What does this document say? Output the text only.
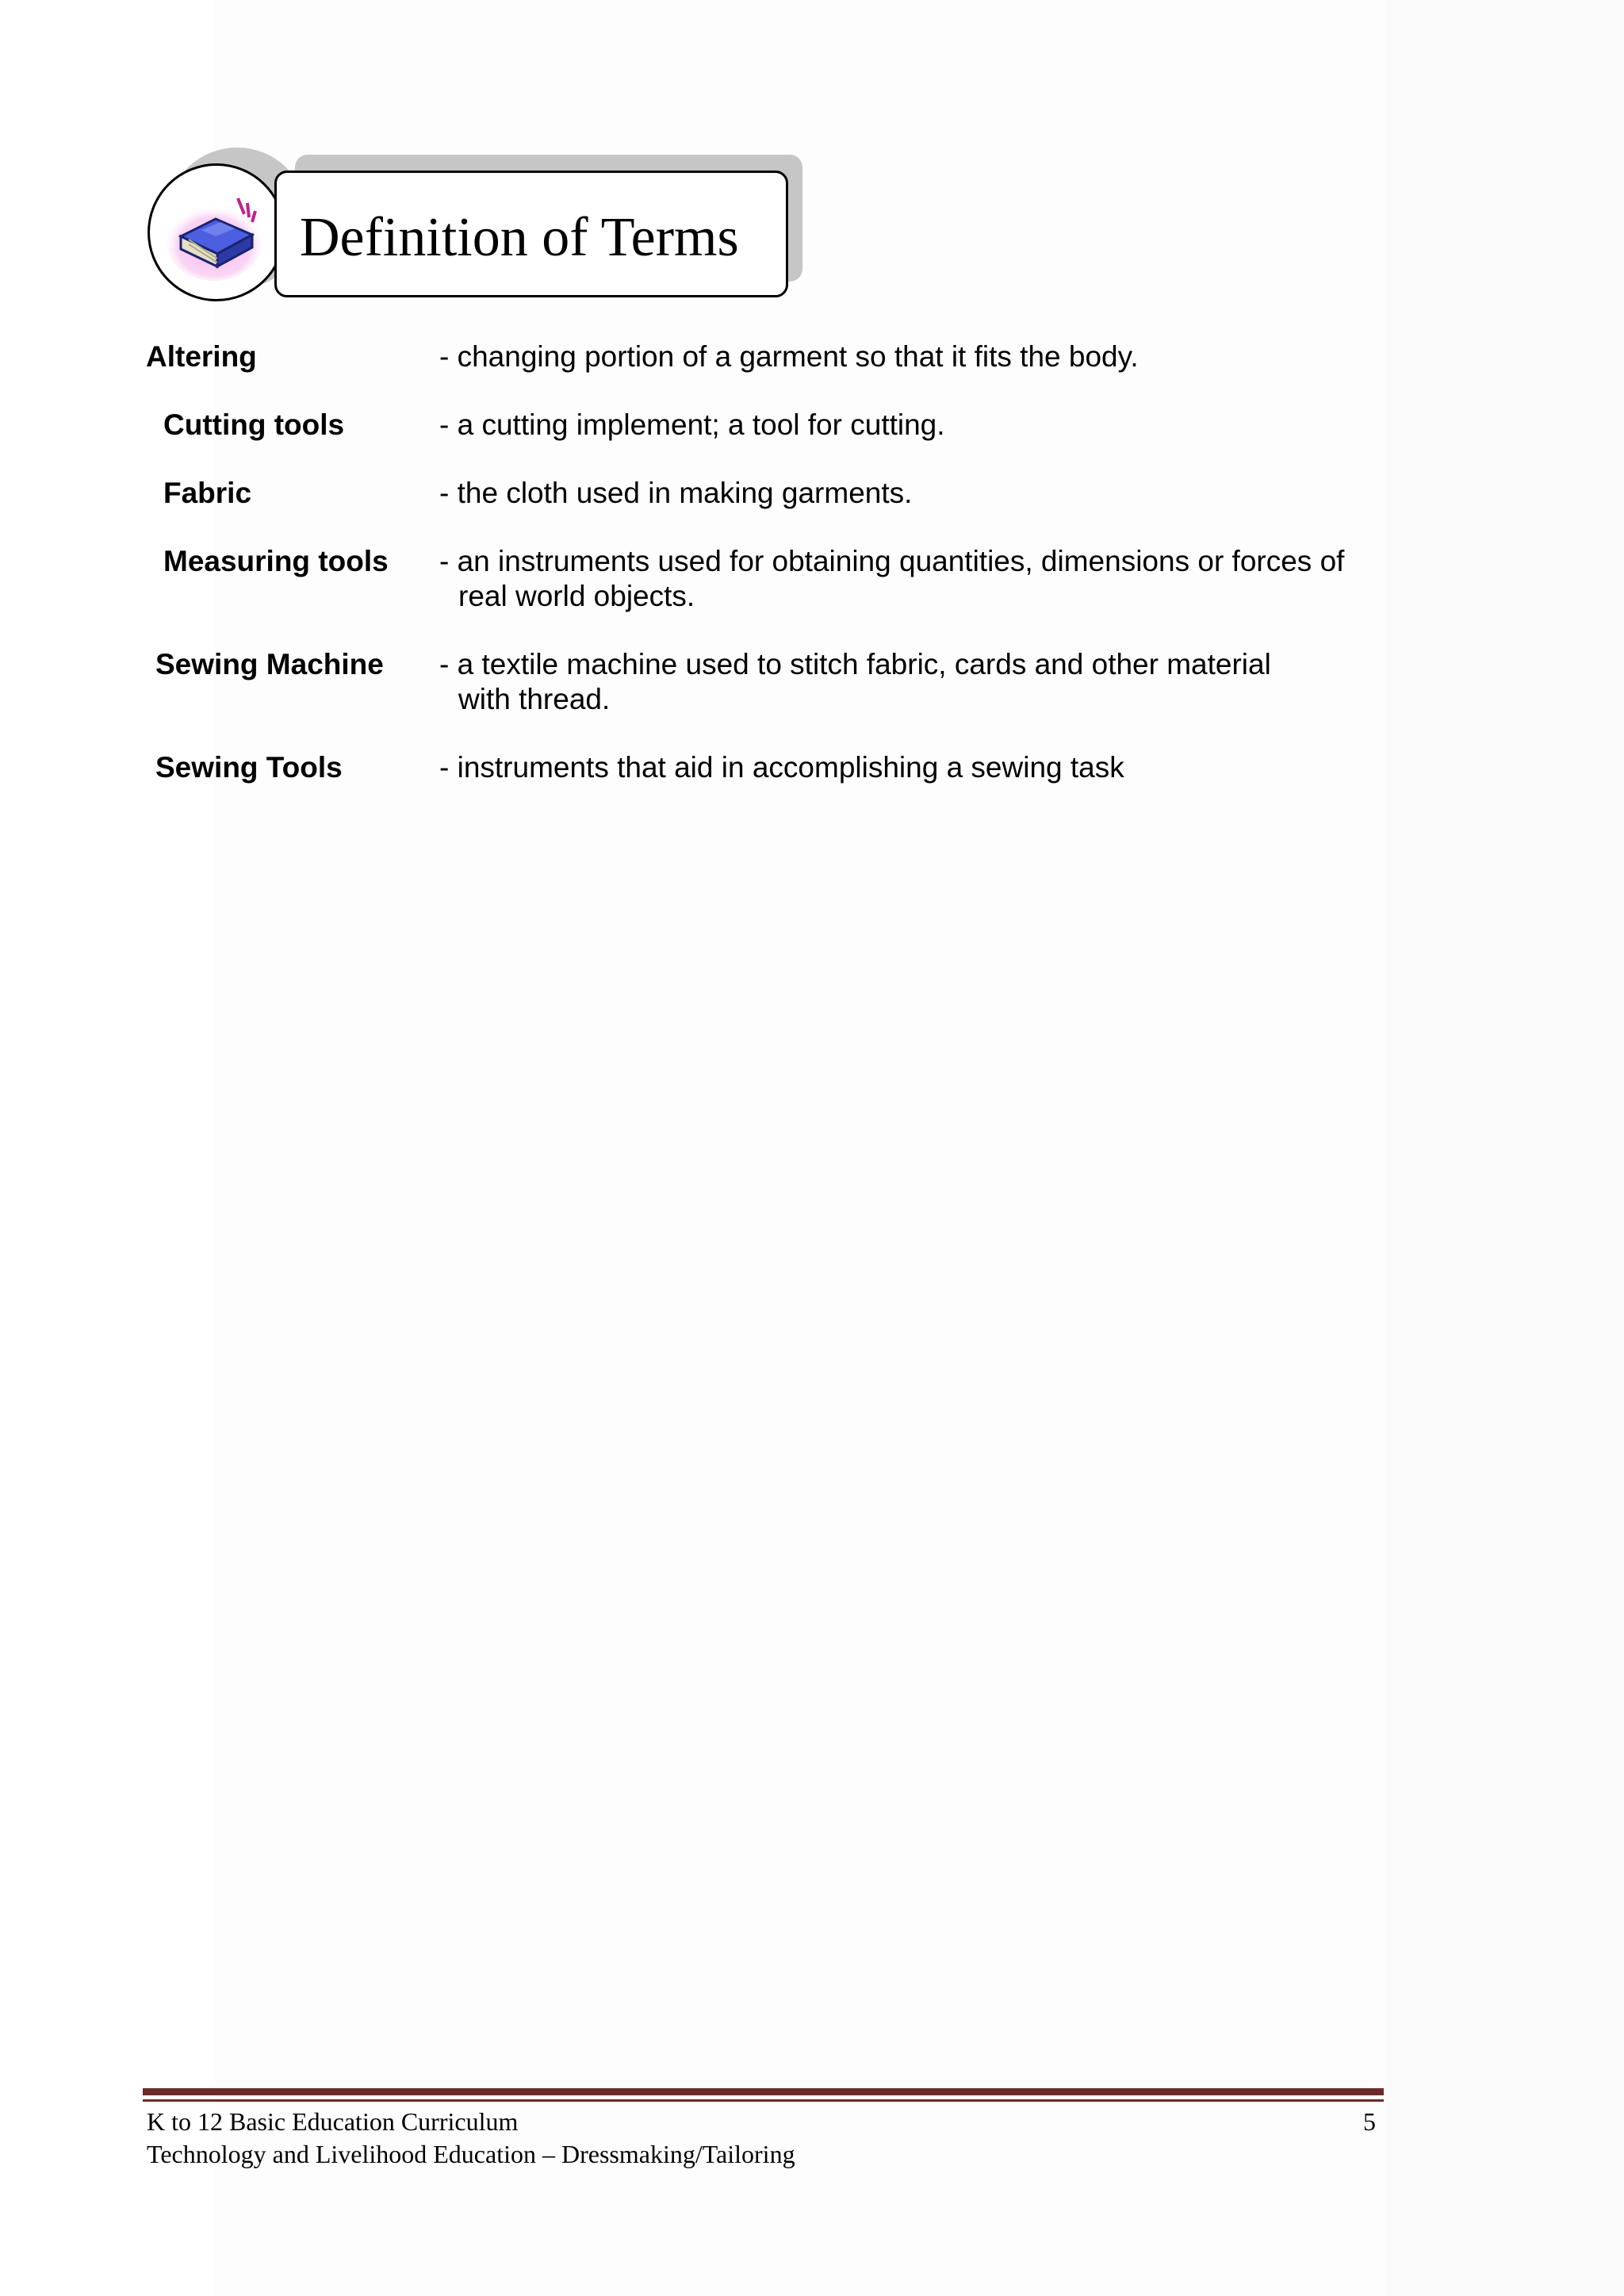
Definition of Terms
Altering	- changing portion of a garment so that it fits the body.
Cutting tools	- a cutting implement; a tool for cutting.
Fabric	- the cloth used in making garments.
Measuring tools - an instruments used for obtaining quantities, dimensions or forces of
real world objects.
Sewing Machine - a textile machine used to stitch fabric, cards and other material
with thread.
Sewing Tools	- instruments that aid in accomplishing a sewing task
K to 12 Basic Education Curriculum
Technology and Livelihood Education – Dressmaking/Tailoring
5
